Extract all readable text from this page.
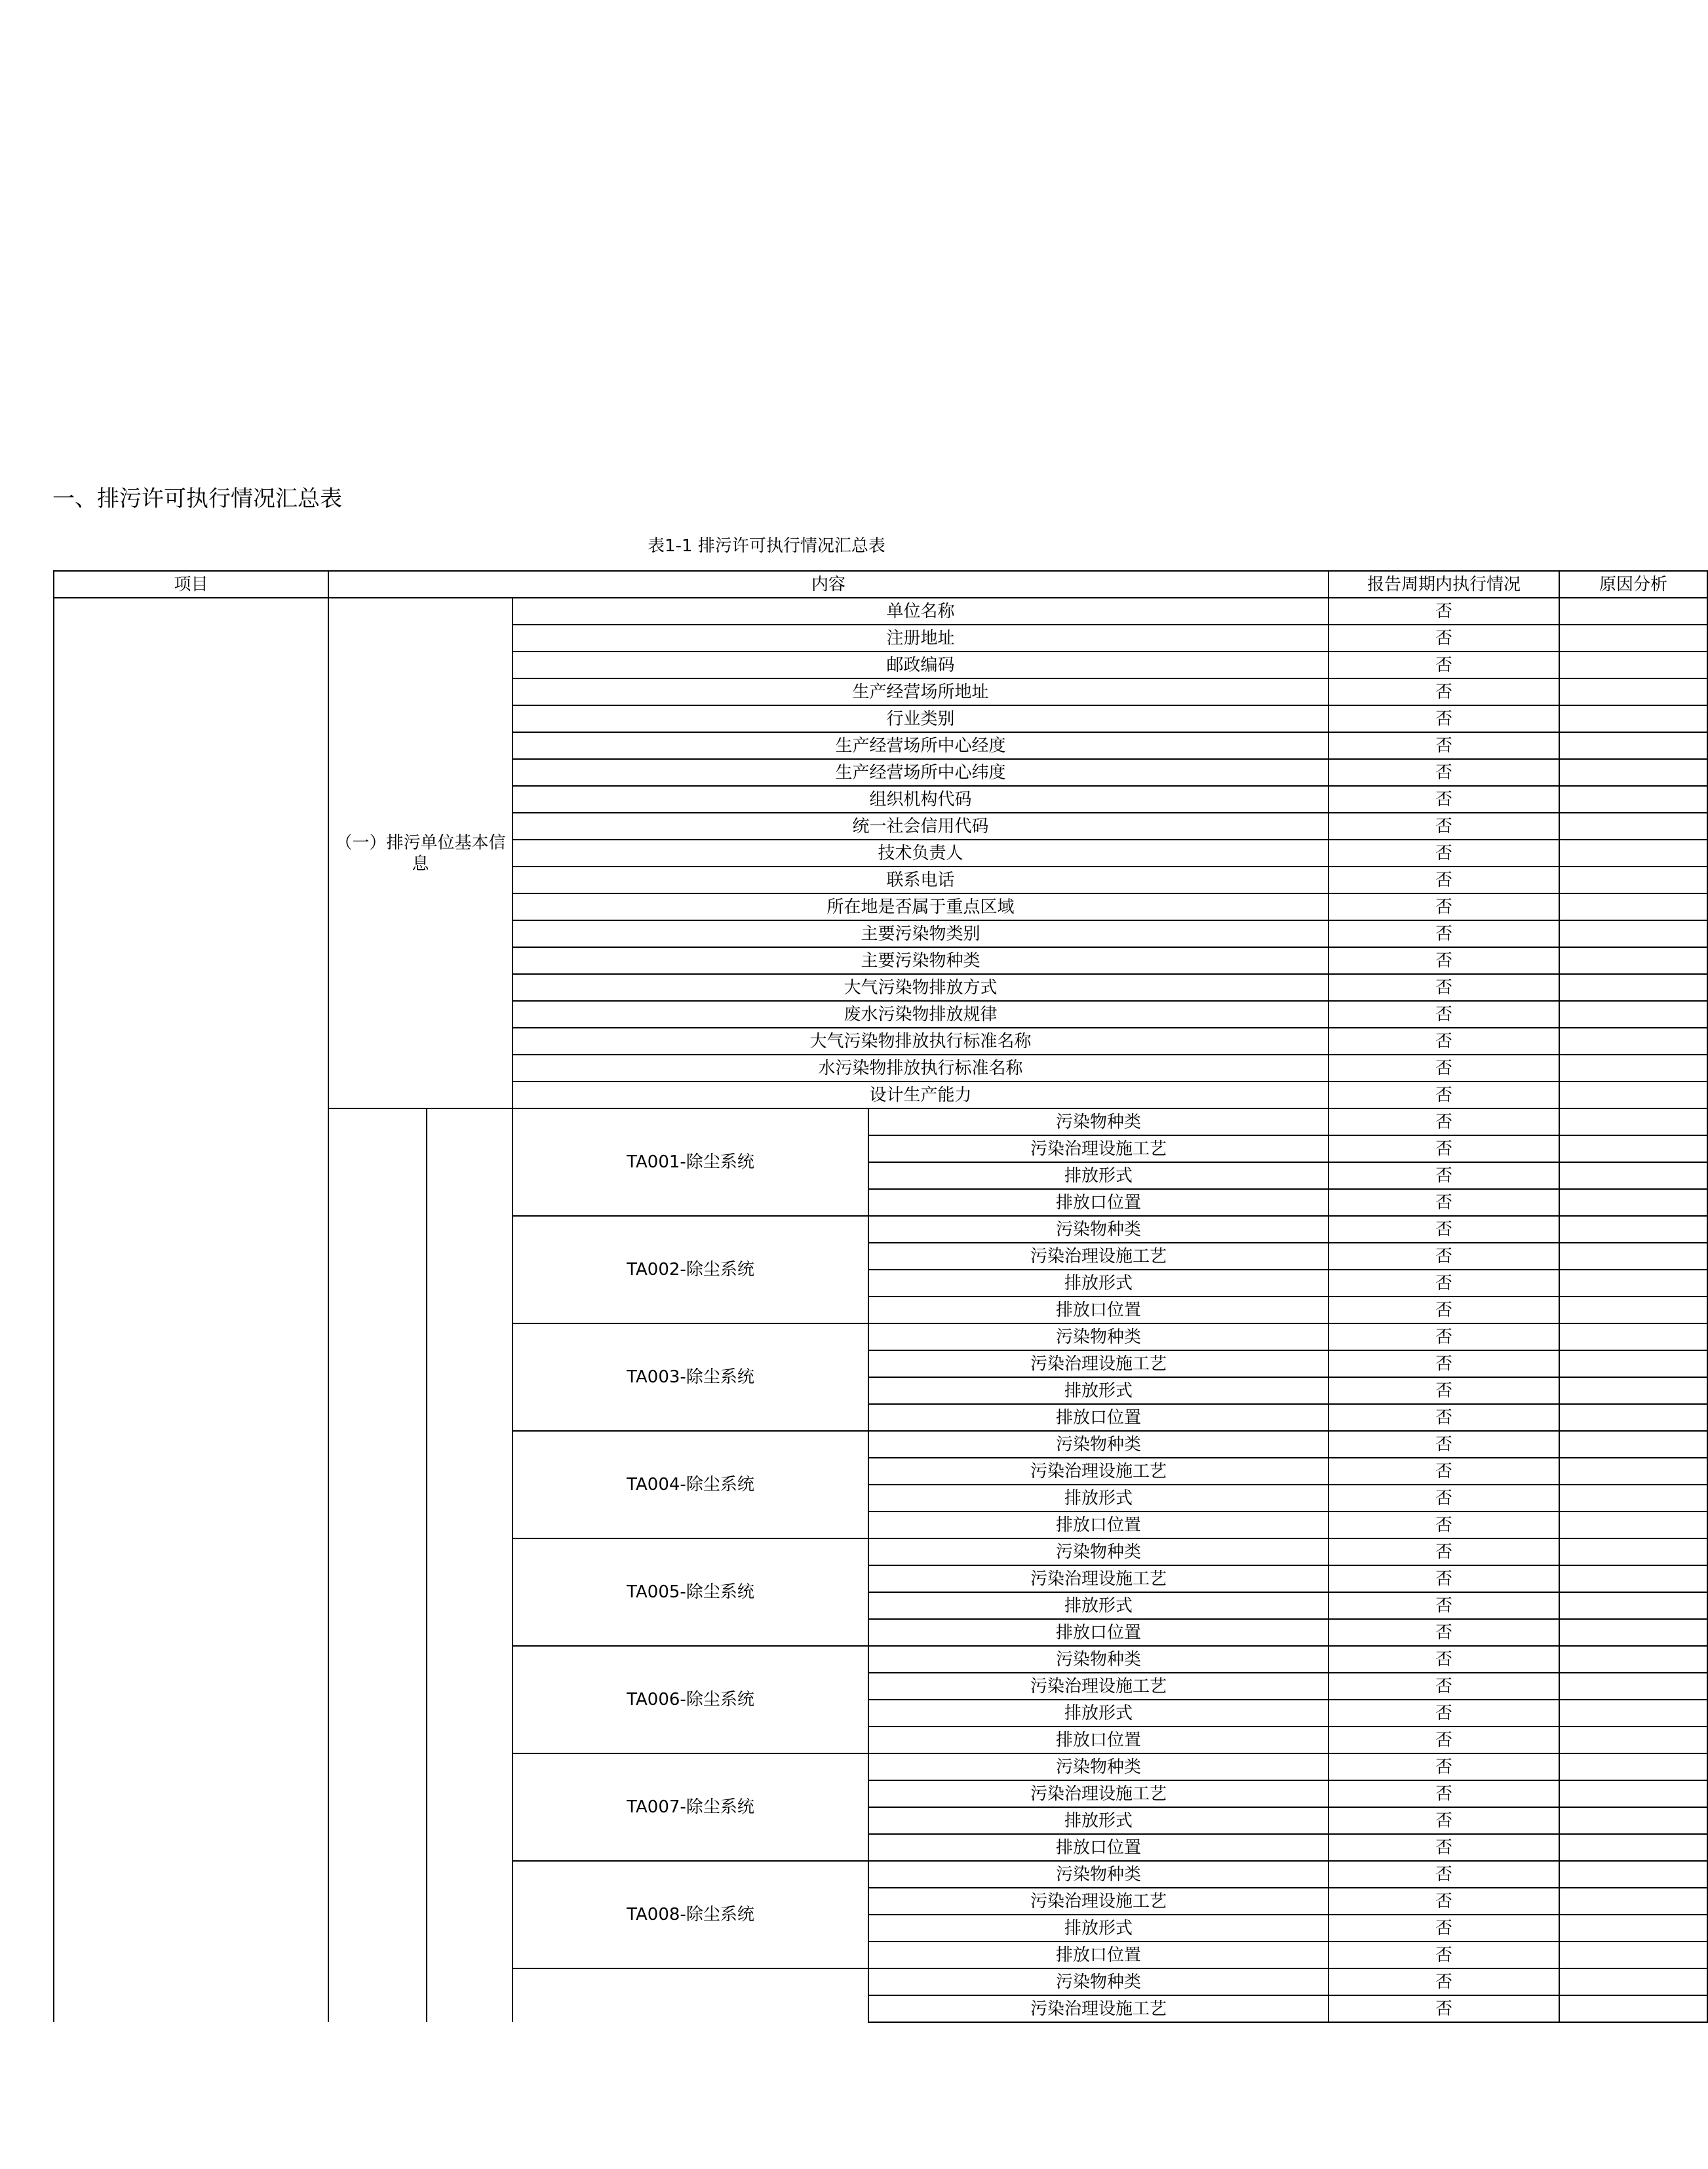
一、排污许可执行情况汇总表
表1-1 排污许可执行情况汇总表
项目	内容				报告周期内执行情况	原因分析
	（一）排污单位基本信息		单位名称		否	
			注册地址		否	
			邮政编码		否	
			生产经营场所地址		否	
			行业类别		否	
			生产经营场所中心经度		否	
			生产经营场所中心纬度		否	
			组织机构代码		否	
			统一社会信用代码		否	
			技术负责人		否	
			联系电话		否	
			所在地是否属于重点区域		否	
			主要污染物类别		否	
			主要污染物种类		否	
			大气污染物排放方式		否	
			废水污染物排放规律		否	
			大气污染物排放执行标准名称		否	
			水污染物排放执行标准名称		否	
			设计生产能力		否	
			TA001-除尘系统	污染物种类	否	
				污染治理设施工艺	否	
				排放形式	否	
				排放口位置	否	
			TA002-除尘系统	污染物种类	否	
				污染治理设施工艺	否	
				排放形式	否	
				排放口位置	否	
			TA003-除尘系统	污染物种类	否	
				污染治理设施工艺	否	
				排放形式	否	
				排放口位置	否	
			TA004-除尘系统	污染物种类	否	
				污染治理设施工艺	否	
				排放形式	否	
				排放口位置	否	
			TA005-除尘系统	污染物种类	否	
				污染治理设施工艺	否	
				排放形式	否	
				排放口位置	否	
			TA006-除尘系统	污染物种类	否	
				污染治理设施工艺	否	
				排放形式	否	
				排放口位置	否	
			TA007-除尘系统	污染物种类	否	
				污染治理设施工艺	否	
				排放形式	否	
				排放口位置	否	
			TA008-除尘系统	污染物种类	否	
				污染治理设施工艺	否	
				排放形式	否	
				排放口位置	否	
				污染物种类	否	
				污染治理设施工艺	否	
